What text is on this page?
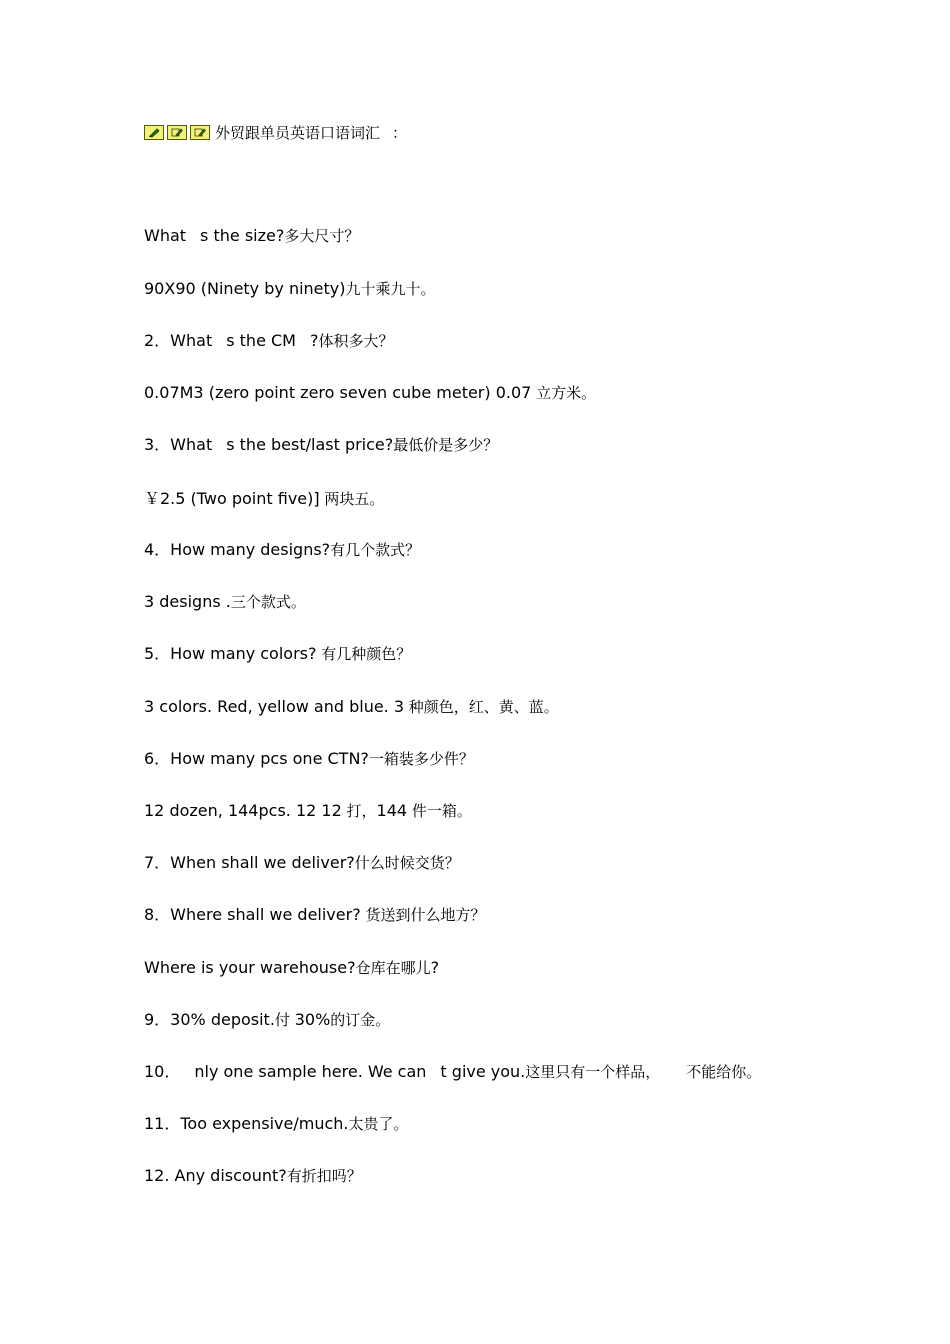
外贸跟单员英语口语词汇 ：
What s the size?多大尺寸？
90X90 (Ninety by ninety)九十乘九十。
2．What s the CM ?体积多大？
0.07M3 (zero point zero seven cube meter) 0.07 立方米。
3．What s the best/last price?最低价是多少？
￥2.5 (Two point five)] 两块五。
4．How many designs?有几个款式？
3 designs .三个款式。
5．How many colors? 有几种颜色？
3 colors. Red, yellow and blue. 3 种颜色，红、黄、蓝。
6．How many pcs one CTN?一箱装多少件？
12 dozen, 144pcs. 12 12 打，144 件一箱。
7．When shall we deliver?什么时候交货？
8．Where shall we deliver? 货送到什么地方？
Where is your warehouse?仓库在哪儿?
9．30% deposit.付 30%的订金。
10． nly one sample here. We can t give you.这里只有一个样品， 不能给你。
11．Too expensive/much.太贵了。
12. Any discount?有折扣吗？
